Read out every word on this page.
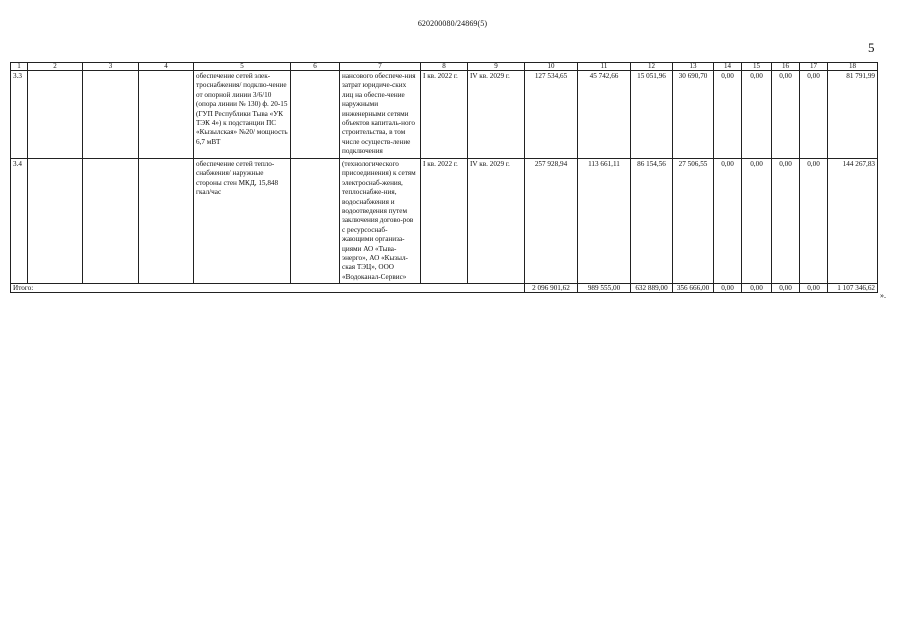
620200080/24869(5)
5
1	2	3	4	5	6	7	8	9	10	11	12	13	14	15	16	17	18
3.3				обеспечение сетей элек-троснабжения/ подклю-чение от опорной линии 3/6/10 (опора линии № 130) ф. 20-15 (ГУП Республики Тыва «УК ТЭК 4») к подстанции ПС «Кызылская» №20/ мощность 6,7 мВТ		нансового обеспече-ния затрат юридиче-ских лиц на обеспе-чение наружными инженерными сетями объектов капиталь-ного строительства, в том числе осуществ-ление подключения	I кв. 2022 г.	IV кв. 2029 г.	127 534,65	45 742,66	15 051,96	30 690,70	0,00	0,00	0,00	0,00	81 791,99
3.4				обеспечение сетей тепло-снабжения/ наружные стороны стен МКД, 15,848 гкал/час		(технологического присоединения) к сетям электроснаб-жения, теплоснабже-ния, водоснабжения и водоотведения путем заключения догово-ров с ресурсоснаб-жающими организа-циями АО «Тыва-энерго», АО «Кызыл-ская ТЭЦ», ООО «Водоканал-Сервис»	I кв. 2022 г.	IV кв. 2029 г.	257 928,94	113 661,11	86 154,56	27 506,55	0,00	0,00	0,00	0,00	144 267,83
Итого:									2 096 901,62	989 555,00	632 889,00	356 666,00	0,00	0,00	0,00	0,00	1 107 346,62
».
